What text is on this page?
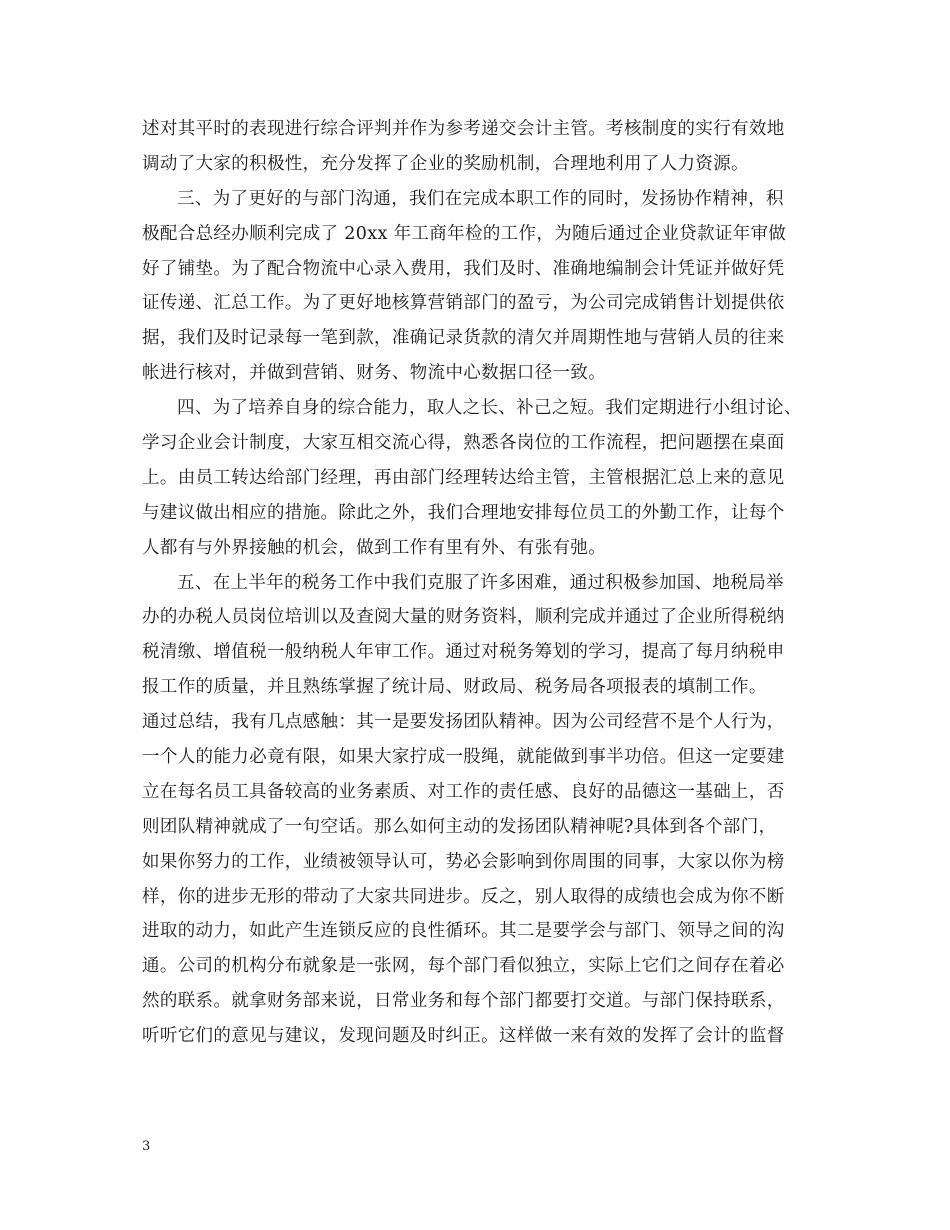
述对其平时的表现进行综合评判并作为参考递交会计主管。考核制度的实行有效地
调动了大家的积极性，充分发挥了企业的奖励机制，合理地利用了人力资源。
三、为了更好的与部门沟通，我们在完成本职工作的同时，发扬协作精神，积
极配合总经办顺利完成了 20xx 年工商年检的工作，为随后通过企业贷款证年审做
好了铺垫。为了配合物流中心录入费用，我们及时、准确地编制会计凭证并做好凭
证传递、汇总工作。为了更好地核算营销部门的盈亏，为公司完成销售计划提供依
据，我们及时记录每一笔到款，准确记录货款的清欠并周期性地与营销人员的往来
帐进行核对，并做到营销、财务、物流中心数据口径一致。
四、为了培养自身的综合能力，取人之长、补己之短。我们定期进行小组讨论、
学习企业会计制度，大家互相交流心得，熟悉各岗位的工作流程，把问题摆在桌面
上。由员工转达给部门经理，再由部门经理转达给主管，主管根据汇总上来的意见
与建议做出相应的措施。除此之外，我们合理地安排每位员工的外勤工作，让每个
人都有与外界接触的机会，做到工作有里有外、有张有弛。
五、在上半年的税务工作中我们克服了许多困难，通过积极参加国、地税局举
办的办税人员岗位培训以及查阅大量的财务资料，顺利完成并通过了企业所得税纳
税清缴、增值税一般纳税人年审工作。通过对税务筹划的学习，提高了每月纳税申
报工作的质量，并且熟练掌握了统计局、财政局、税务局各项报表的填制工作。
通过总结，我有几点感触：其一是要发扬团队精神。因为公司经营不是个人行为，
一个人的能力必竟有限，如果大家拧成一股绳，就能做到事半功倍。但这一定要建
立在每名员工具备较高的业务素质、对工作的责任感、良好的品德这一基础上，否
则团队精神就成了一句空话。那么如何主动的发扬团队精神呢?具体到各个部门，
如果你努力的工作，业绩被领导认可，势必会影响到你周围的同事，大家以你为榜
样，你的进步无形的带动了大家共同进步。反之，别人取得的成绩也会成为你不断
进取的动力，如此产生连锁反应的良性循环。其二是要学会与部门、领导之间的沟
通。公司的机构分布就象是一张网，每个部门看似独立，实际上它们之间存在着必
然的联系。就拿财务部来说，日常业务和每个部门都要打交道。与部门保持联系，
听听它们的意见与建议，发现问题及时纠正。这样做一来有效的发挥了会计的监督
3
